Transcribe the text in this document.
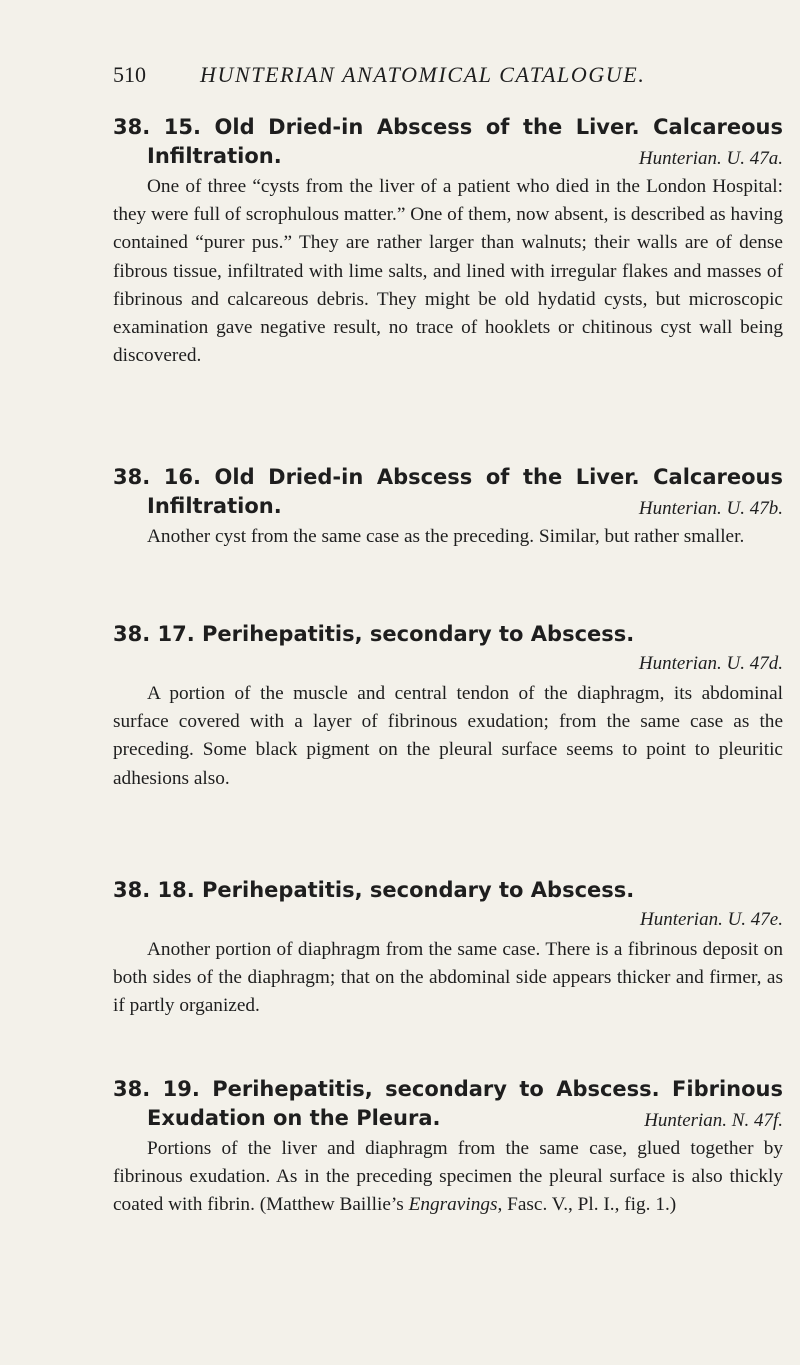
510 HUNTERIAN ANATOMICAL CATALOGUE.
38. 15. Old Dried-in Abscess of the Liver. Calcareous
Infiltration.	Hunterian. U. 47a.
One of three “cysts from the liver of a patient who died in the London Hospital: they were full of scrophulous matter.” One of them, now absent, is described as having contained “purer pus.” They are rather larger than walnuts; their walls are of dense fibrous tissue, infiltrated with lime salts, and lined with irregular flakes and masses of fibrinous and calcareous debris. They might be old hydatid cysts, but microscopic examination gave negative result, no trace of hooklets or chitinous cyst wall being discovered.
38. 16. Old Dried-in Abscess of the Liver. Calcareous
Infiltration.	Hunterian. U. 47b.
Another cyst from the same case as the preceding. Similar, but rather smaller.
38. 17. Perihepatitis, secondary to Abscess.
Hunterian. U. 47d.
A portion of the muscle and central tendon of the diaphragm, its abdominal surface covered with a layer of fibrinous exudation; from the same case as the preceding. Some black pigment on the pleural surface seems to point to pleuritic adhesions also.
38. 18. Perihepatitis, secondary to Abscess.
Hunterian. U. 47e.
Another portion of diaphragm from the same case. There is a fibrinous deposit on both sides of the diaphragm; that on the abdominal side appears thicker and firmer, as if partly organized.
38. 19. Perihepatitis, secondary to Abscess. Fibrinous
Exudation on the Pleura.	Hunterian. N. 47f.
Portions of the liver and diaphragm from the same case, glued together by fibrinous exudation. As in the preceding specimen the pleural surface is also thickly coated with fibrin. (Matthew Baillie’s Engravings, Fasc. V., Pl. I., fig. 1.)
